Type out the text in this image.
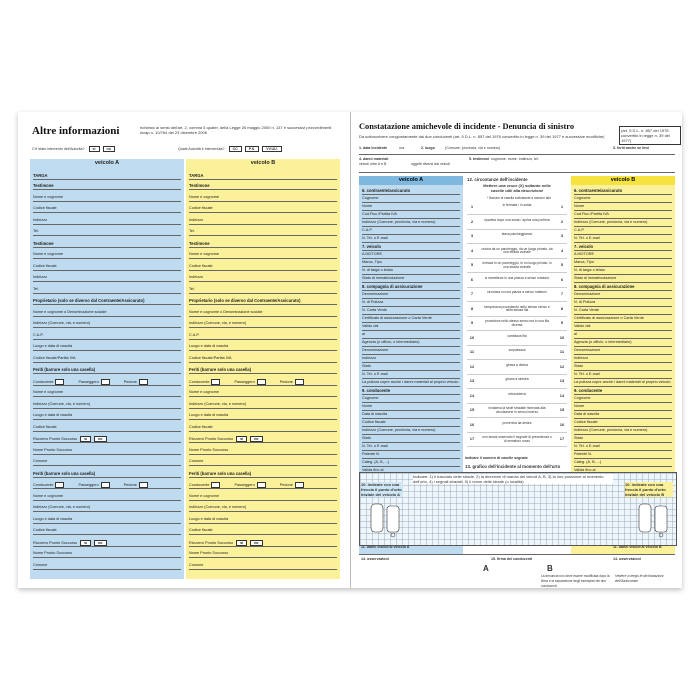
Altre informazioni	richiesto ai sensi dell'art. 2, comma 5 quater, della Legge 26 maggio 2000 n. 137 e successivi provvedimenti Isvap n. 10/764 del 23 dicembre 2006
C'è stato intervento dell'Autorità? sì	no	Quale Autorità è intervenuta? CC	P.S.	VV.UU.
veicolo A
TARGA
Testimone
Nome e cognome
Codice fiscale
Indirizzo
Tel.
Testimone
Nome e cognome
Codice fiscale
Indirizzo
Tel.
Proprietario (solo se diverso dal Contraente/Assicurato)
Nome e cognome o Denominazione sociale
Indirizzo (Comune, via, e numero)
C.A.P.
Luogo e data di nascita
Codice fiscale/Partita IVA
Feriti (barrare solo una casella)
Conducente	Passeggero	Pedone
Nome e cognome
Indirizzo (Comune, via, e numero)
Luogo e data di nascita
Codice fiscale
Ricovero Pronto Soccorso sì	no
Nome Pronto Soccorso
Comune
Feriti (barrare solo una casella)
Conducente	Passeggero	Pedone
Nome e cognome
Indirizzo (Comune, via, e numero)
Luogo e data di nascita
Codice fiscale
Ricovero Pronto Soccorso sì	no
Nome Pronto Soccorso
Comune
veicolo B
TARGA
Testimone
Nome e cognome
Codice fiscale
Indirizzo
Tel.
Testimone
Nome e cognome
Codice fiscale
Indirizzo
Tel.
Proprietario (solo se diverso dal Contraente/Assicurato)
Nome e cognome o Denominazione sociale
Indirizzo (Comune, via, e numero)
C.A.P.
Luogo e data di nascita
Codice fiscale/Partita IVA
Feriti (barrare solo una casella)
Conducente	Passeggero	Pedone
Nome e cognome
Indirizzo (Comune, via, e numero)
Luogo e data di nascita
Codice fiscale
Ricovero Pronto Soccorso sì	no
Nome Pronto Soccorso
Comune
Feriti (barrare solo una casella)
Conducente	Passeggero	Pedone
Nome e cognome
Indirizzo (Comune, via, e numero)
Luogo e data di nascita
Codice fiscale
Ricovero Pronto Soccorso sì	no
Nome Pronto Soccorso
Comune
Constatazione amichevole di incidente - Denuncia di sinistro
Da sottoscrivere congiuntamente dai due conducenti (art. 5 D.L. n. 857 del 1976 convertito in legge n. 39 del 1977 e successive modifiche)
(art. 5 D.L. n. 857 del 1976 convertito in legge n. 39 del 1977)
1. data incidente	ora	2. luogo	(Comune, provincia, via e numero)	3. feriti anche se lievi
4. danni materiali
veicoli oltre A e B	oggetti diversi dai veicoli
5. testimoni cognome, nome, indirizzo, tel.
veicolo A
6. contraente/assicurato
Cognome
Nome
Cod.Fisc./Partita IVA
Indirizzo (Comune, provincia, via e numero)
C.A.P.
N. Tel. o E-mail
7. veicolo
A MOTORE
Marca, Tipo
N. di targa o telaio
Stato di immatricolazione
8. compagnia di assicurazione
Denominazione
N. di Polizza
N. Carta Verde
Certificato di assicurazione o Carta Verde
Valido dal
al
Agenzia (o ufficio, o intermediario)
Denominazione
Indirizzo
Stato
N. Tel. o E-mail
La polizza copre anche i danni materiali al proprio veicolo
9. conducente
Cognome
Nome
Data di nascita
Codice fiscale
Indirizzo (Comune, provincia, via e numero)
Stato
N. Tel. o E-mail
Patente N.
Categ. (A, B, ...)
Valida fino al
12. circostanze dell'incidente
Mettere una croce (X) soltanto nelle caselle utili alla descrizione
* Barrare la casella sottostante a ciascun lato
1	in fermata / in sosta	1
2	ripartiva dopo una sosta / apriva una portiera	2
3	stava parcheggiando	3
4	usciva da un parcheggio, da un luogo privato, da una strada vicinale	4
5	entrava in un parcheggio, in un luogo privato, in una strada vicinale	5
6	si immetteva in una piazza a senso rotatorio	6
7	circolava su una piazza a senso rotatorio	7
8	tamponava procedendo nello stesso senso e nella stessa fila	8
9	procedeva nello stesso senso ma in una fila diversa	9
10	cambiava fila	10
11	sorpassava	11
12	girava a destra	12
13	girava a sinistra	13
14	retrocedeva	14
15	invadeva la sede stradale riservata alla circolazione in senso inverso	15
16	proveniva da destra	16
17	non aveva osservato il segnale di precedenza o di semaforo rosso	17
veicolo B
6. contraente/assicurato
Cognome
Nome
Cod.Fisc./Partita IVA
Indirizzo (Comune, provincia, via e numero)
C.A.P.
N. Tel. o E-mail
7. veicolo
A MOTORE
Marca, Tipo
N. di targa o telaio
Stato di immatricolazione
8. compagnia di assicurazione
Denominazione
N. di Polizza
N. Carta Verde
Certificato di assicurazione o Carta Verde
Valido dal
al
Agenzia (o ufficio, o intermediario)
Denominazione
Indirizzo
Stato
N. Tel. o E-mail
La polizza copre anche i danni materiali al proprio veicolo
9. conducente
Cognome
Nome
Data di nascita
Codice fiscale
Indirizzo (Comune, provincia, via e numero)
Stato
N. Tel. o E-mail
Patente N.
Categ. (A, B, ...)
Valida fino al
indicare il numero di caselle segnate
13. grafico dell'incidente al momento dell'urto
Indicare: 1) il tracciato delle strade, 2) la direzione di marcia dei veicoli A, B, 3) la loro posizione al momento dell'urto, 4) i segnali stradali, 5) il nome delle strade (o località)
10. indicate con una freccia il punto d'urto iniziale del veicolo A
10. indicate con una freccia il punto d'urto iniziale del veicolo B
11. danni visibili al veicolo A	11. danni visibili al veicolo B
14. osservazioni	15. firma dei conducenti	14. osservazioni
A	B
La denuncia non deve essere modificata dopo la firma e la separazione degli esemplari dei due conducenti.
Vedere a tergo le dichiarazioni dell'Assicurato
